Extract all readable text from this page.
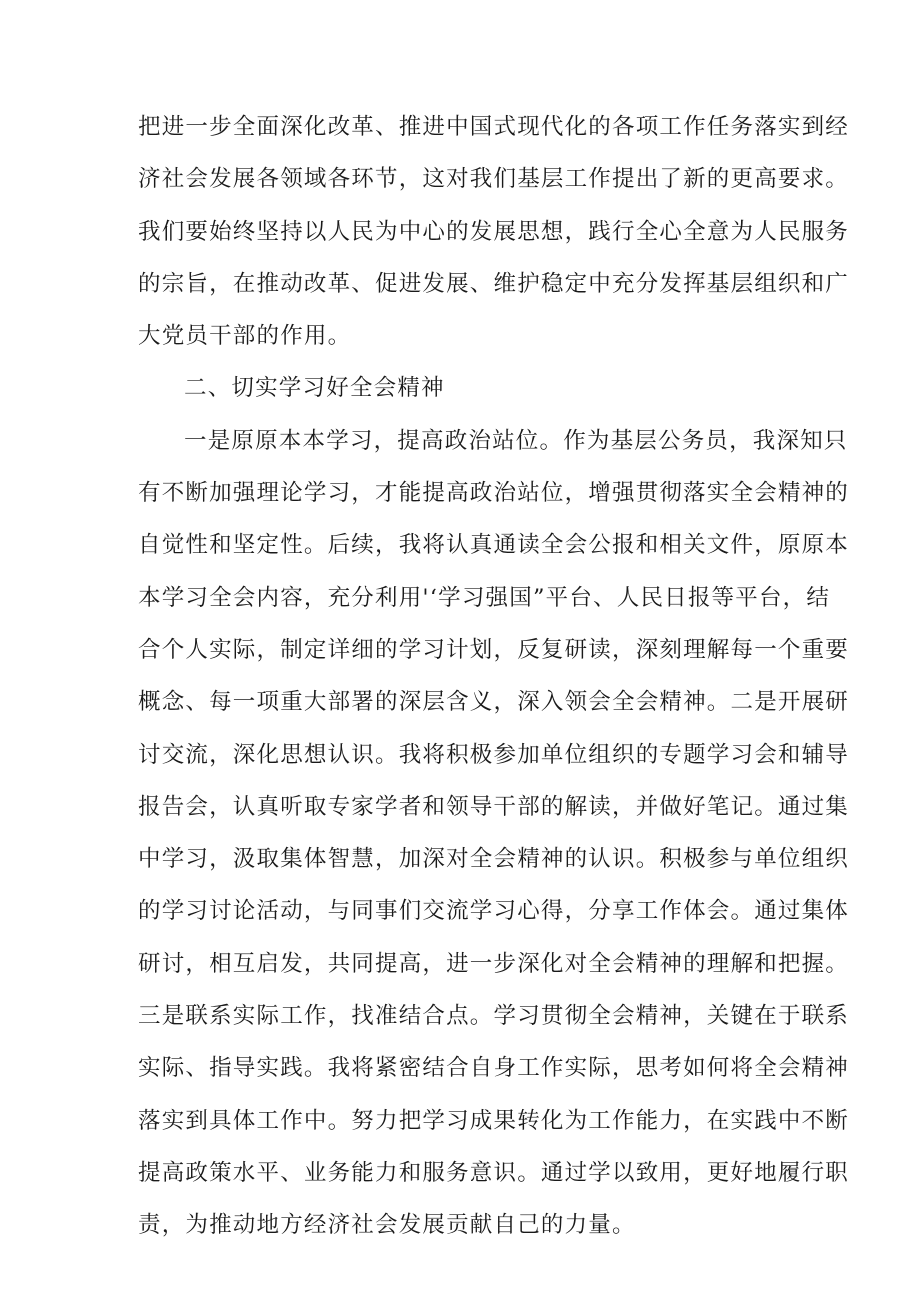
把进一步全面深化改革、推进中国式现代化的各项工作任务落实到经
济社会发展各领域各环节，这对我们基层工作提出了新的更高要求。
我们要始终坚持以人民为中心的发展思想，践行全心全意为人民服务
的宗旨，在推动改革、促进发展、维护稳定中充分发挥基层组织和广
大党员干部的作用。
二、切实学习好全会精神
一是原原本本学习，提高政治站位。作为基层公务员，我深知只
有不断加强理论学习，才能提高政治站位，增强贯彻落实全会精神的
自觉性和坚定性。后续，我将认真通读全会公报和相关文件，原原本
本学习全会内容，充分利用'‘学习强国”平台、人民日报等平台，结
合个人实际，制定详细的学习计划，反复研读，深刻理解每一个重要
概念、每一项重大部署的深层含义，深入领会全会精神。二是开展研
讨交流，深化思想认识。我将积极参加单位组织的专题学习会和辅导
报告会，认真听取专家学者和领导干部的解读，并做好笔记。通过集
中学习，汲取集体智慧，加深对全会精神的认识。积极参与单位组织
的学习讨论活动，与同事们交流学习心得，分享工作体会。通过集体
研讨，相互启发，共同提高，进一步深化对全会精神的理解和把握。
三是联系实际工作，找准结合点。学习贯彻全会精神，关键在于联系
实际、指导实践。我将紧密结合自身工作实际，思考如何将全会精神
落实到具体工作中。努力把学习成果转化为工作能力，在实践中不断
提高政策水平、业务能力和服务意识。通过学以致用，更好地履行职
责，为推动地方经济社会发展贡献自己的力量。
